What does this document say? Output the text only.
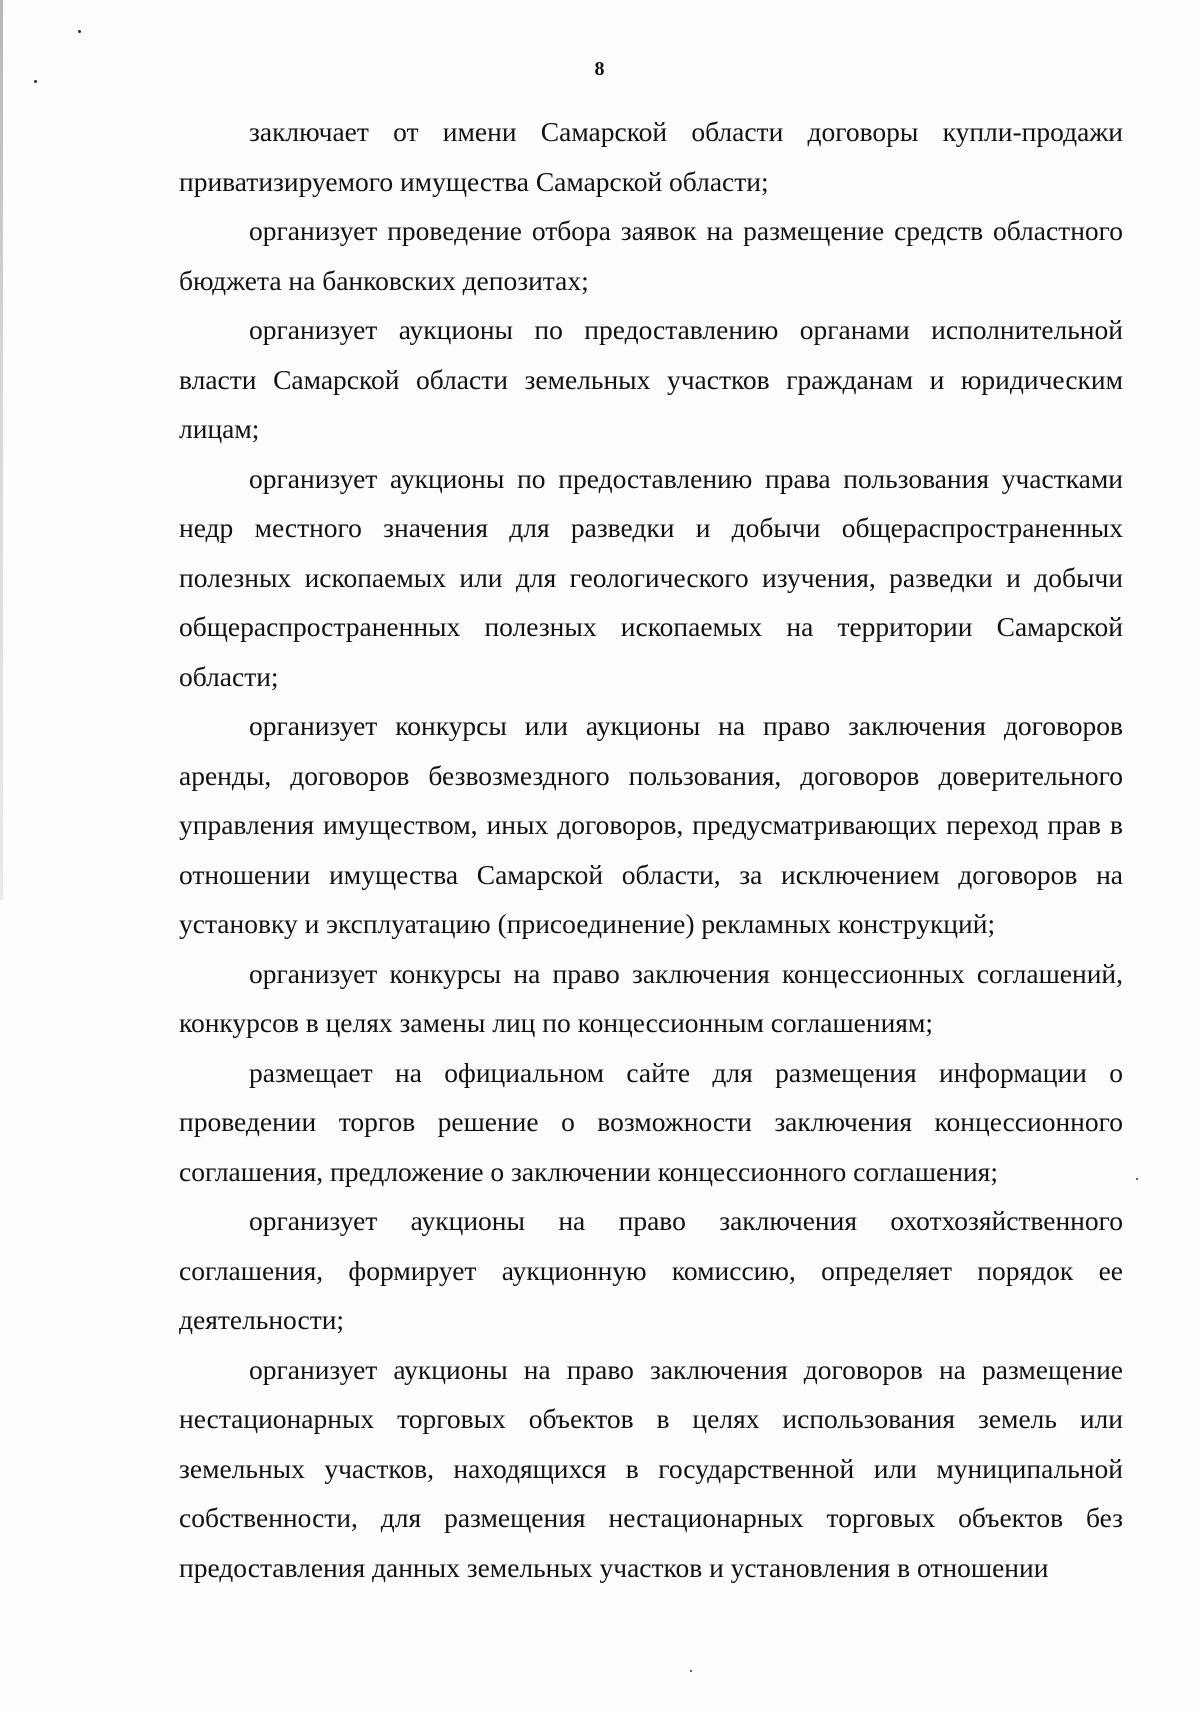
8

заключает от имени Самарской области договоры купли-продажи приватизируемого имущества Самарской области;

организует проведение отбора заявок на размещение средств областного бюджета на банковских депозитах;

организует аукционы по предоставлению органами исполнительной власти Самарской области земельных участков гражданам и юридическим лицам;

организует аукционы по предоставлению права пользования участками недр местного значения для разведки и добычи общераспространенных полезных ископаемых или для геологического изучения, разведки и добычи общераспространенных полезных ископаемых на территории Самарской области;

организует конкурсы или аукционы на право заключения договоров аренды, договоров безвозмездного пользования, договоров доверительного управления имуществом, иных договоров, предусматривающих переход прав в отношении имущества Самарской области, за исключением договоров на установку и эксплуатацию (присоединение) рекламных конструкций;

организует конкурсы на право заключения концессионных соглашений, конкурсов в целях замены лиц по концессионным соглашениям;

размещает на официальном сайте для размещения информации о проведении торгов решение о возможности заключения концессионного соглашения, предложение о заключении концессионного соглашения;

организует аукционы на право заключения охотхозяйственного соглашения, формирует аукционную комиссию, определяет порядок ее деятельности;

организует аукционы на право заключения договоров на размещение нестационарных торговых объектов в целях использования земель или земельных участков, находящихся в государственной или муниципальной собственности, для размещения нестационарных торговых объектов без предоставления данных земельных участков и установления в отношении
